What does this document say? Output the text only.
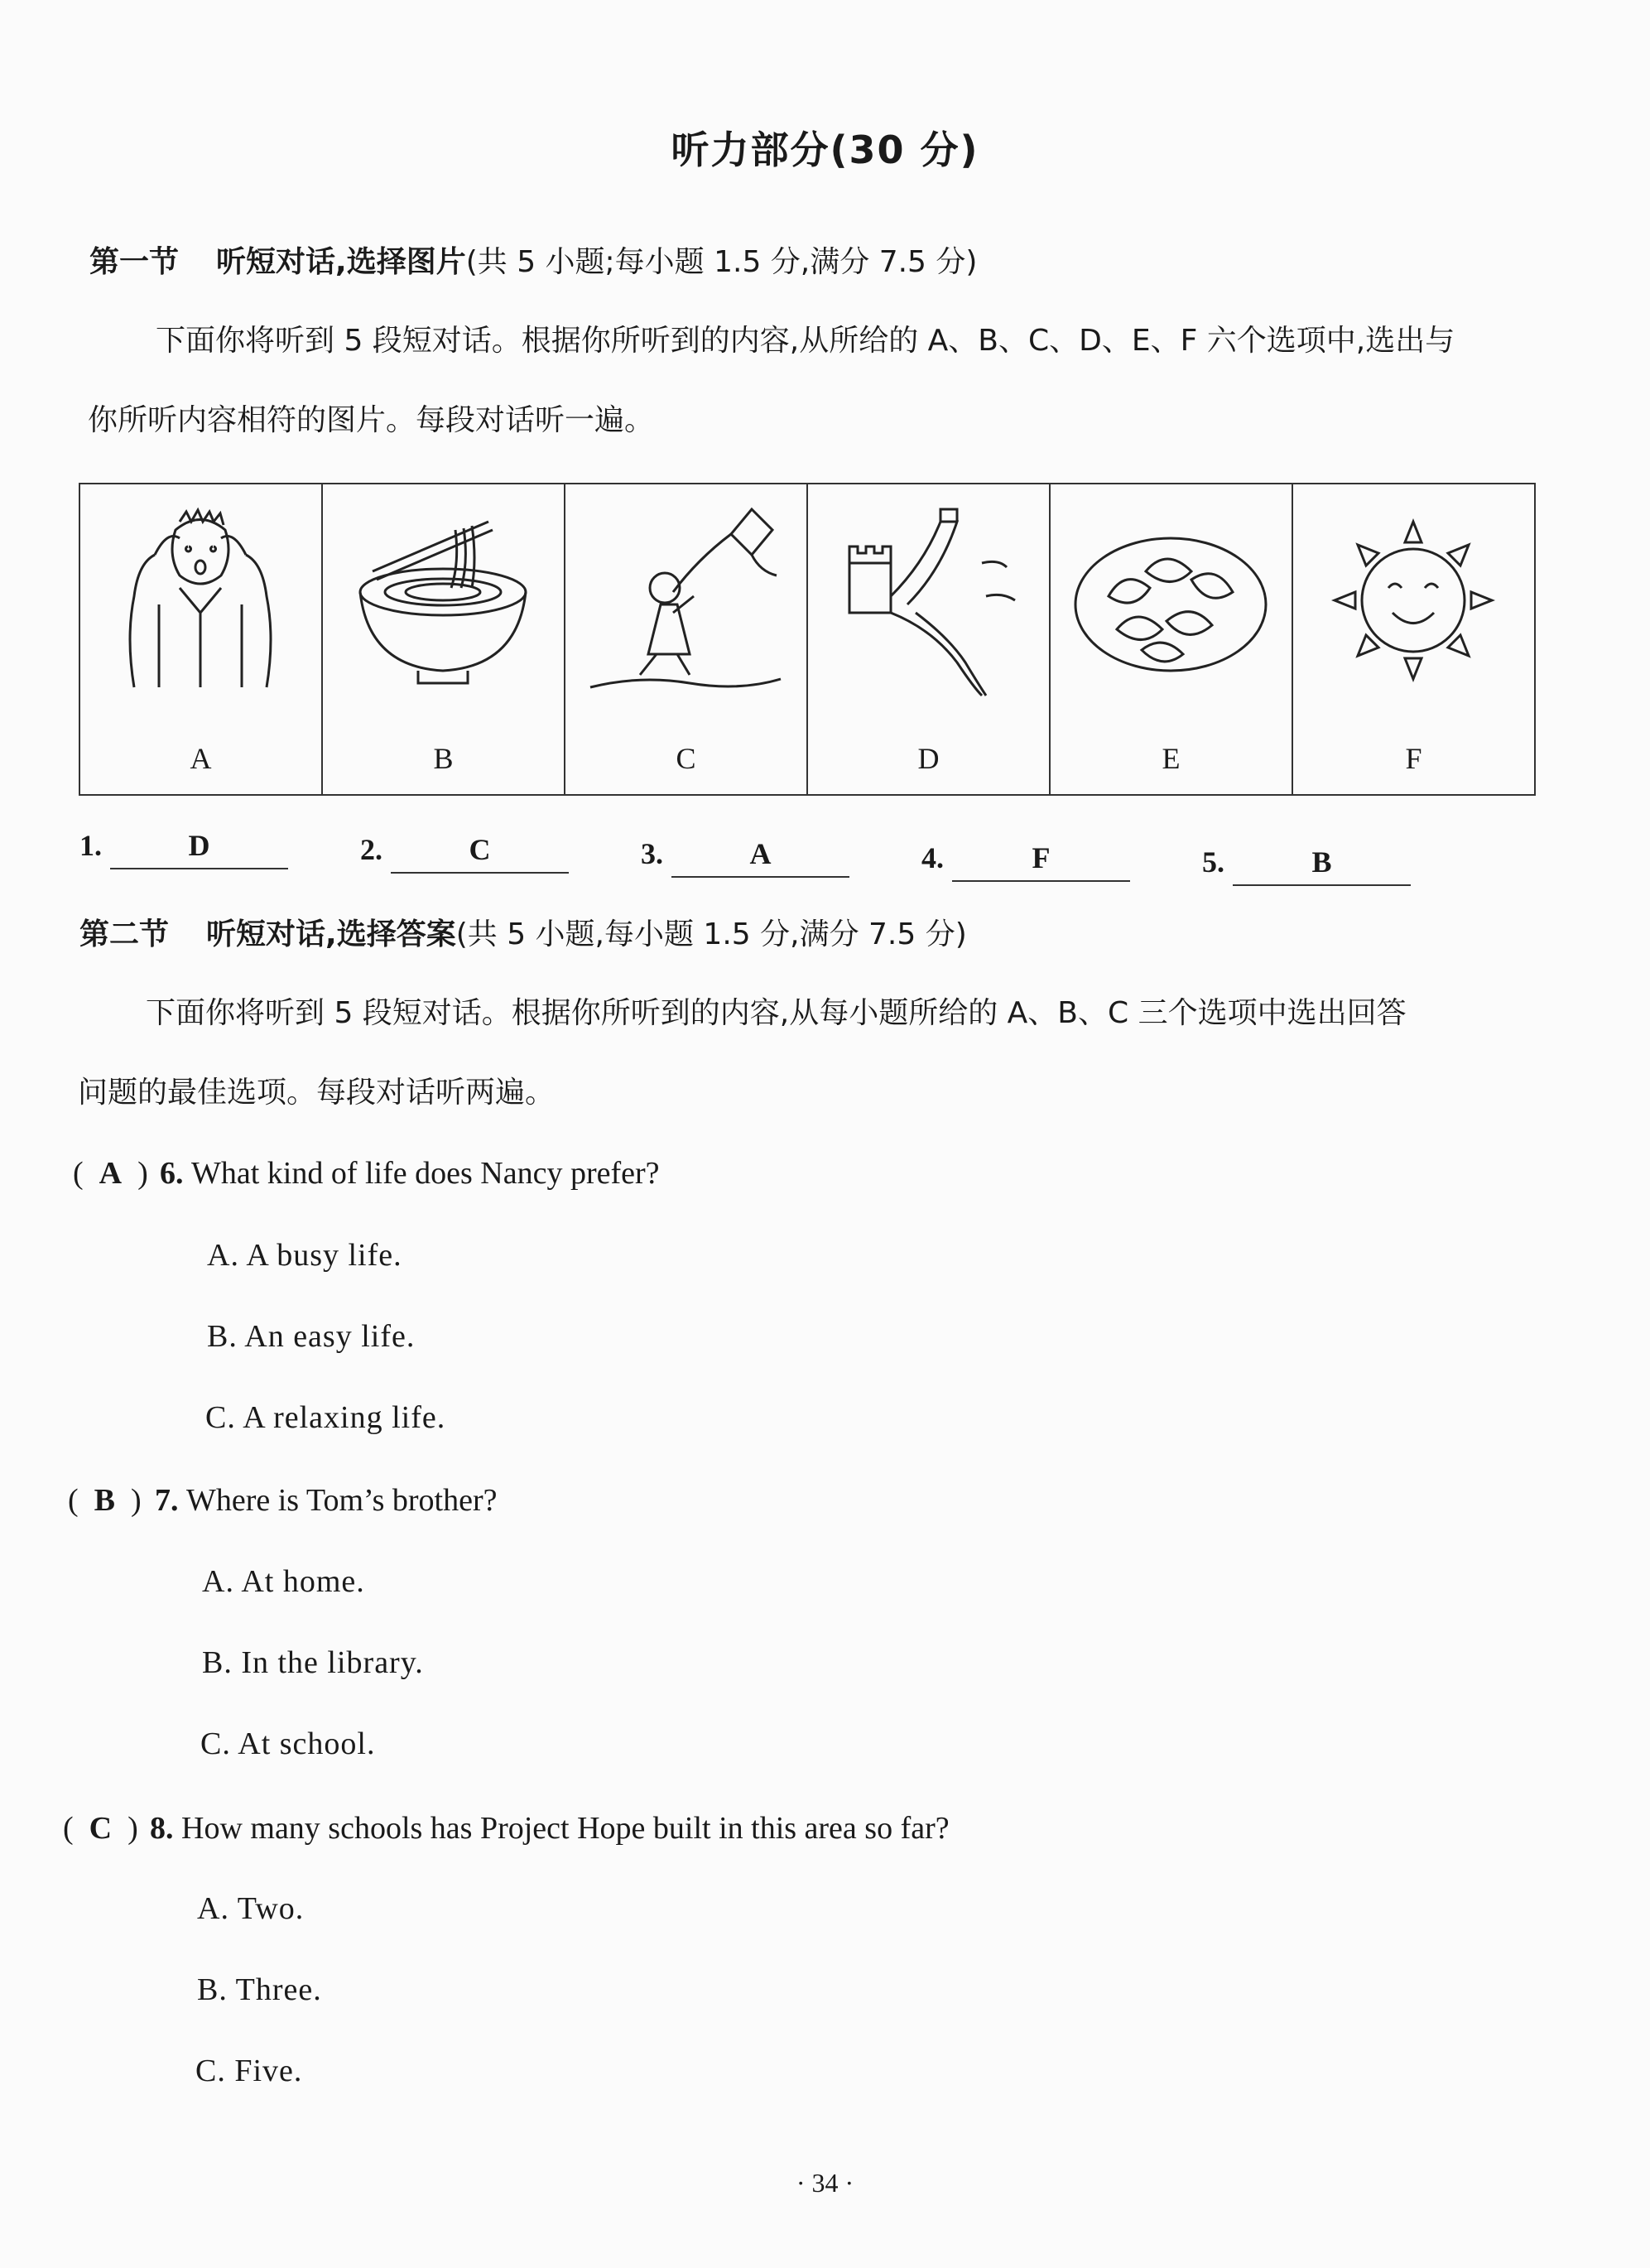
听力部分(30 分)
第一节 听短对话,选择图片(共 5 小题;每小题 1.5 分,满分 7.5 分)
下面你将听到 5 段短对话。根据你所听到的内容,从所给的 A、B、C、D、E、F 六个选项中,选出与
你所听内容相符的图片。每段对话听一遍。
A	B	C	D	E	F
1.	D	2.	C	3.	A	4.	F	5.	B
第二节 听短对话,选择答案(共 5 小题,每小题 1.5 分,满分 7.5 分)
下面你将听到 5 段短对话。根据你所听到的内容,从每小题所给的 A、B、C 三个选项中选出回答
问题的最佳选项。每段对话听两遍。
(  A  ) 6. What kind of life does Nancy prefer?
A. A busy life.
B. An easy life.
C. A relaxing life.
(  B  ) 7. Where is Tom’s brother?
A. At home.
B. In the library.
C. At school.
(  C  ) 8. How many schools has Project Hope built in this area so far?
A. Two.
B. Three.
C. Five.
· 34 ·
